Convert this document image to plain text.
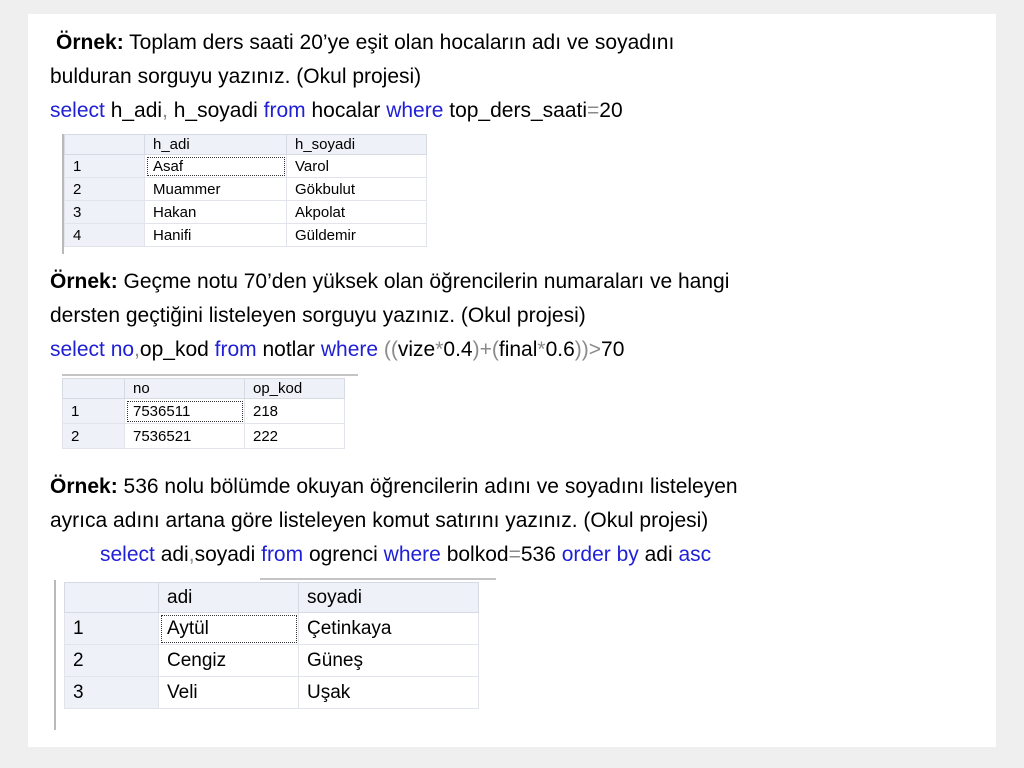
Örnek: Toplam ders saati 20’ye eşit olan hocaların adı ve soyadını
bulduran sorguyu yazınız. (Okul projesi)
select h_adi, h_soyadi from hocalar where top_ders_saati=20
	h_adi	h_soyadi
1	Asaf	Varol
2	Muammer	Gökbulut
3	Hakan	Akpolat
4	Hanifi	Güldemir
Örnek: Geçme notu 70’den yüksek olan öğrencilerin numaraları ve hangi
dersten geçtiğini listeleyen sorguyu yazınız. (Okul projesi)
select no,op_kod from notlar where ((vize*0.4)+(final*0.6))>70
	no	op_kod
1	7536511	218
2	7536521	222
Örnek: 536 nolu bölümde okuyan öğrencilerin adını ve soyadını listeleyen
ayrıca adını artana göre listeleyen komut satırını yazınız. (Okul projesi)
select adi,soyadi from ogrenci where bolkod=536 order by adi asc
	adi	soyadi
1	Aytül	Çetinkaya
2	Cengiz	Güneş
3	Veli	Uşak
